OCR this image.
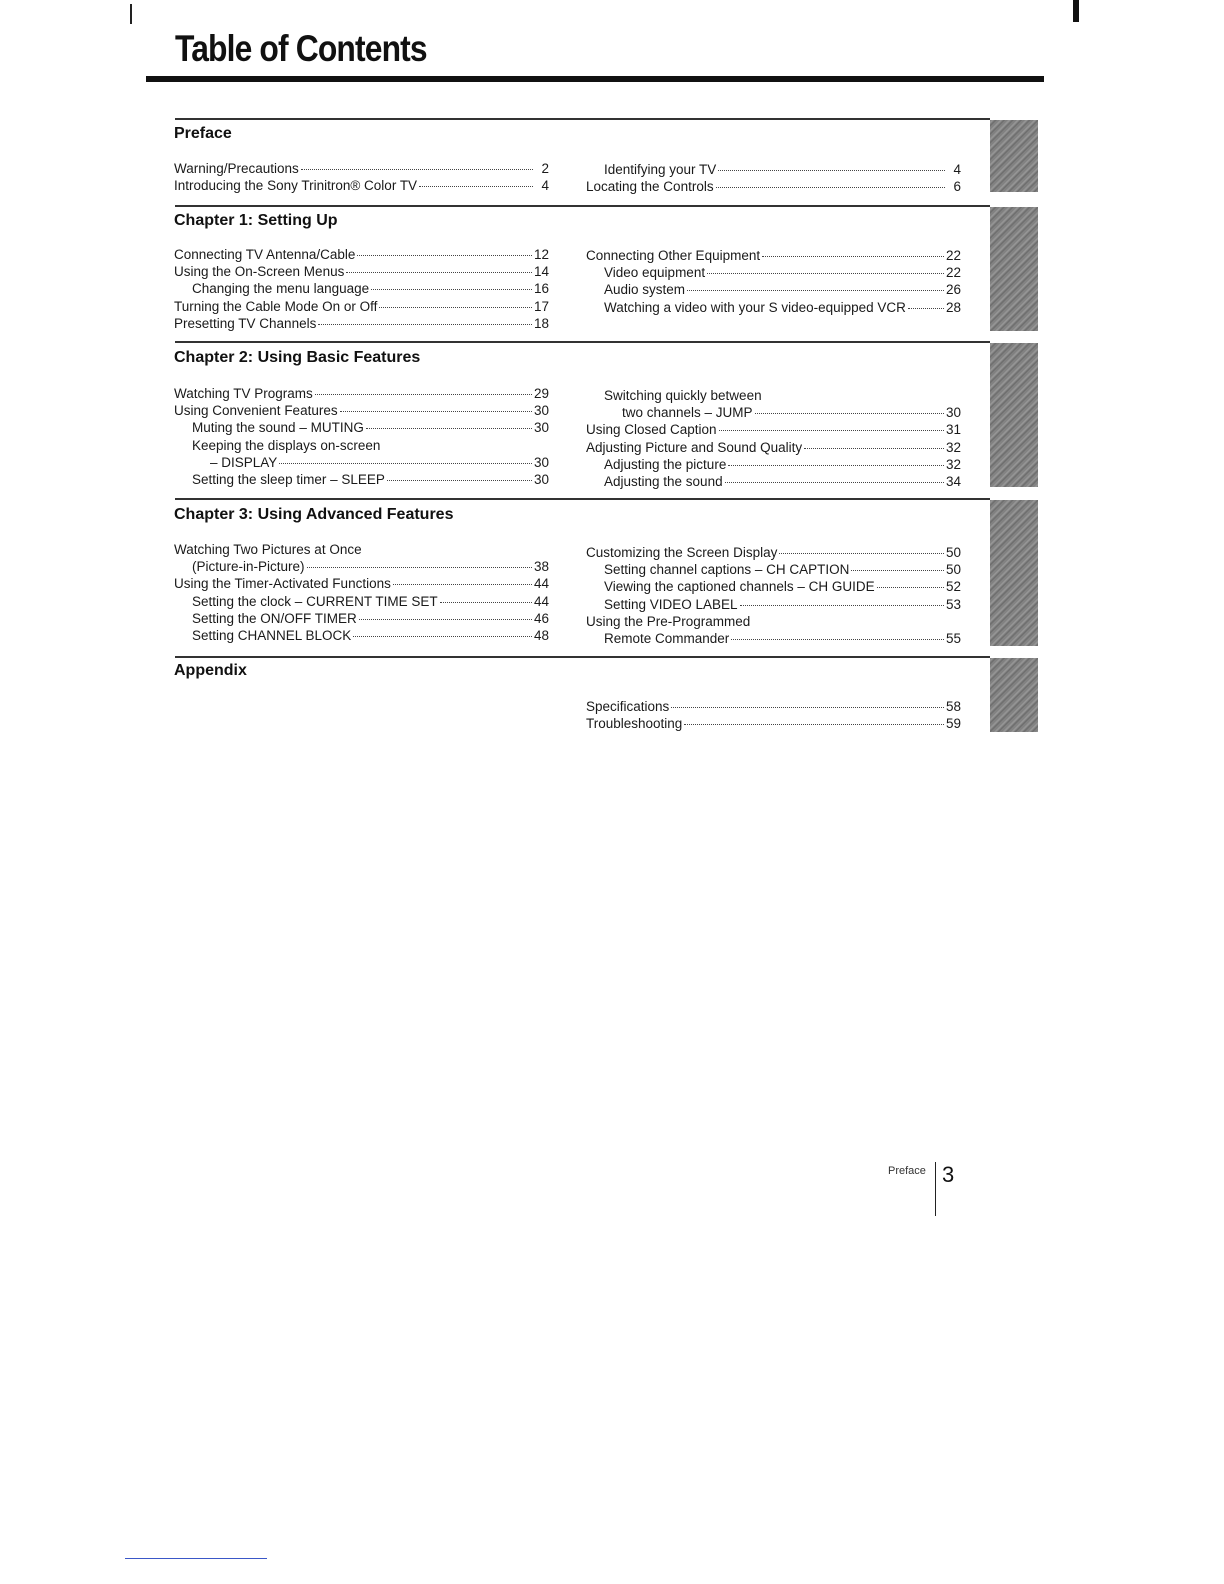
Table of Contents
Preface
Warning/Precautions	2
Introducing the Sony Trinitron® Color TV	4
Identifying your TV	4
Locating the Controls	6
Chapter 1: Setting Up
Connecting TV Antenna/Cable	12
Using the On-Screen Menus	14
Changing the menu language	16
Turning the Cable Mode On or Off	17
Presetting TV Channels	18
Connecting Other Equipment	22
Video equipment	22
Audio system	26
Watching a video with your S video-equipped VCR	28
Chapter 2: Using Basic Features
Watching TV Programs	29
Using Convenient Features	30
Muting the sound – MUTING	30
Keeping the displays on-screen
– DISPLAY	30
Setting the sleep timer – SLEEP	30
Switching quickly between
two channels – JUMP	30
Using Closed Caption	31
Adjusting Picture and Sound Quality	32
Adjusting the picture	32
Adjusting the sound	34
Chapter 3: Using Advanced Features
Watching Two Pictures at Once
(Picture-in-Picture)	38
Using the Timer-Activated Functions	44
Setting the clock – CURRENT TIME SET	44
Setting the ON/OFF TIMER	46
Setting CHANNEL BLOCK	48
Customizing the Screen Display	50
Setting channel captions – CH CAPTION	50
Viewing the captioned channels – CH GUIDE	52
Setting VIDEO LABEL	53
Using the Pre-Programmed
Remote Commander	55
Appendix
Specifications	58
Troubleshooting	59
Preface 3
